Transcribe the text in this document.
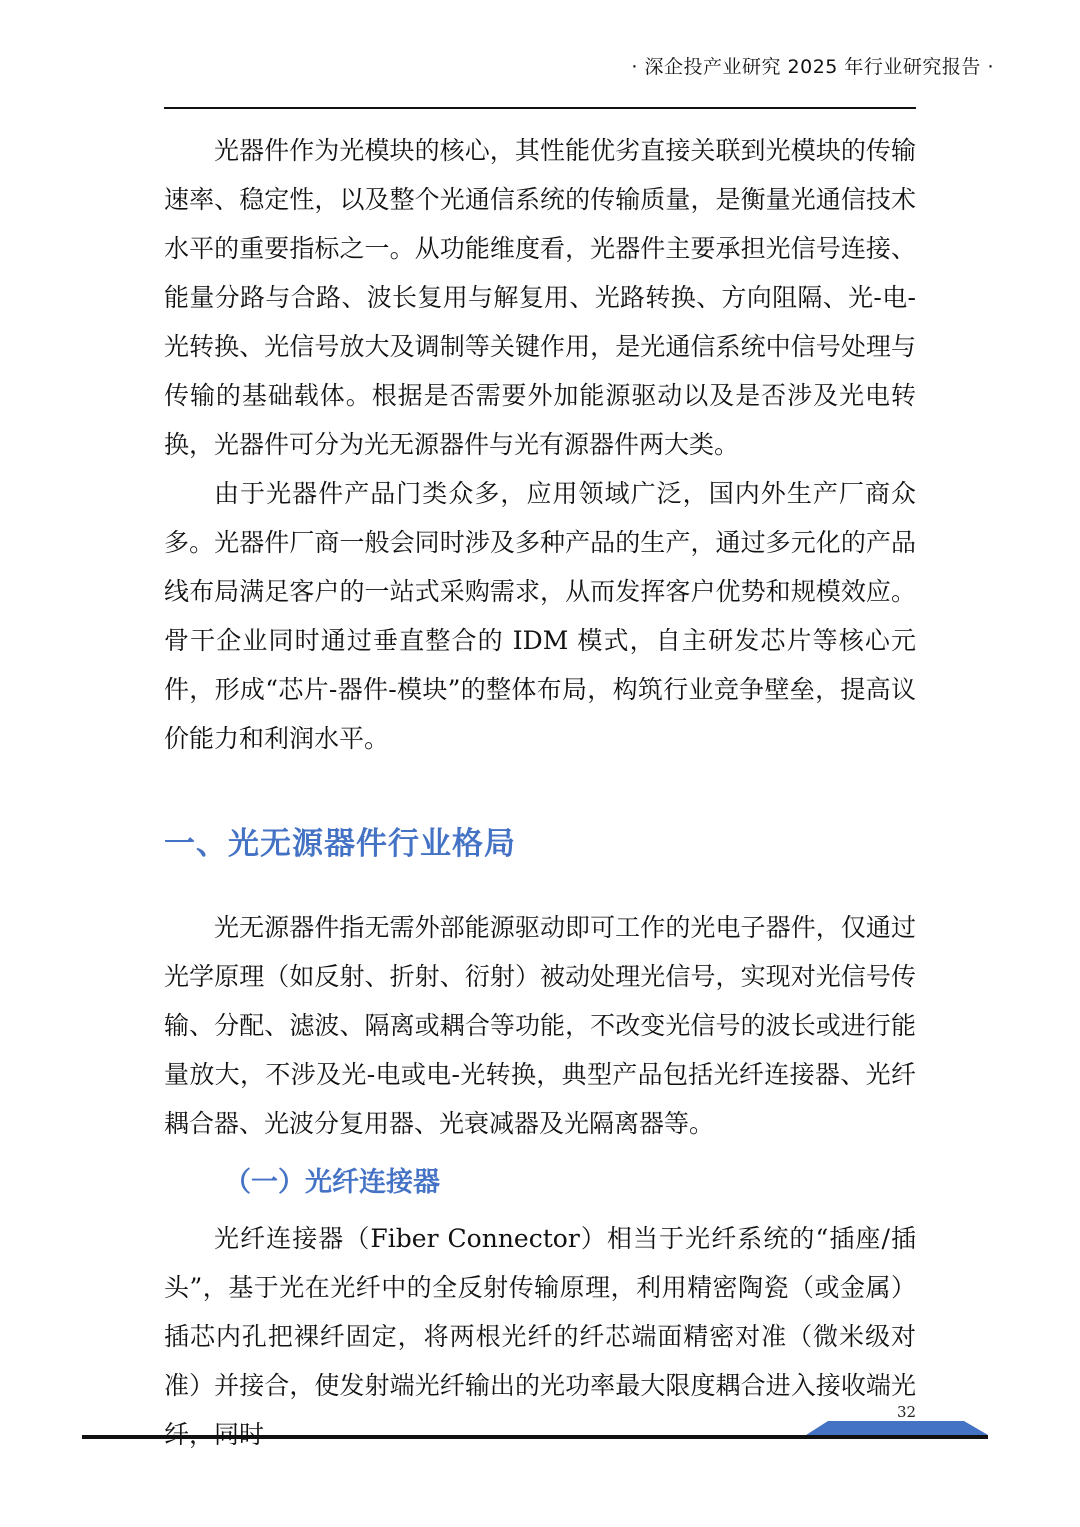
· 深企投产业研究 2025 年行业研究报告 ·

光器件作为光模块的核心，其性能优劣直接关联到光模块的传输速率、稳定性，以及整个光通信系统的传输质量，是衡量光通信技术水平的重要指标之一。从功能维度看，光器件主要承担光信号连接、能量分路与合路、波长复用与解复用、光路转换、方向阻隔、光-电-光转换、光信号放大及调制等关键作用，是光通信系统中信号处理与传输的基础载体。根据是否需要外加能源驱动以及是否涉及光电转换，光器件可分为光无源器件与光有源器件两大类。

由于光器件产品门类众多，应用领域广泛，国内外生产厂商众多。光器件厂商一般会同时涉及多种产品的生产，通过多元化的产品线布局满足客户的一站式采购需求，从而发挥客户优势和规模效应。骨干企业同时通过垂直整合的 IDM 模式，自主研发芯片等核心元件，形成“芯片-器件-模块”的整体布局，构筑行业竞争壁垒，提高议价能力和利润水平。

一、光无源器件行业格局

光无源器件指无需外部能源驱动即可工作的光电子器件，仅通过光学原理（如反射、折射、衍射）被动处理光信号，实现对光信号传输、分配、滤波、隔离或耦合等功能，不改变光信号的波长或进行能量放大，不涉及光-电或电-光转换，典型产品包括光纤连接器、光纤耦合器、光波分复用器、光衰减器及光隔离器等。

（一）光纤连接器

光纤连接器（Fiber Connector）相当于光纤系统的“插座/插头”，基于光在光纤中的全反射传输原理，利用精密陶瓷（或金属）插芯内孔把裸纤固定，将两根光纤的纤芯端面精密对准（微米级对准）并接合，使发射端光纤输出的光功率最大限度耦合进入接收端光

32
